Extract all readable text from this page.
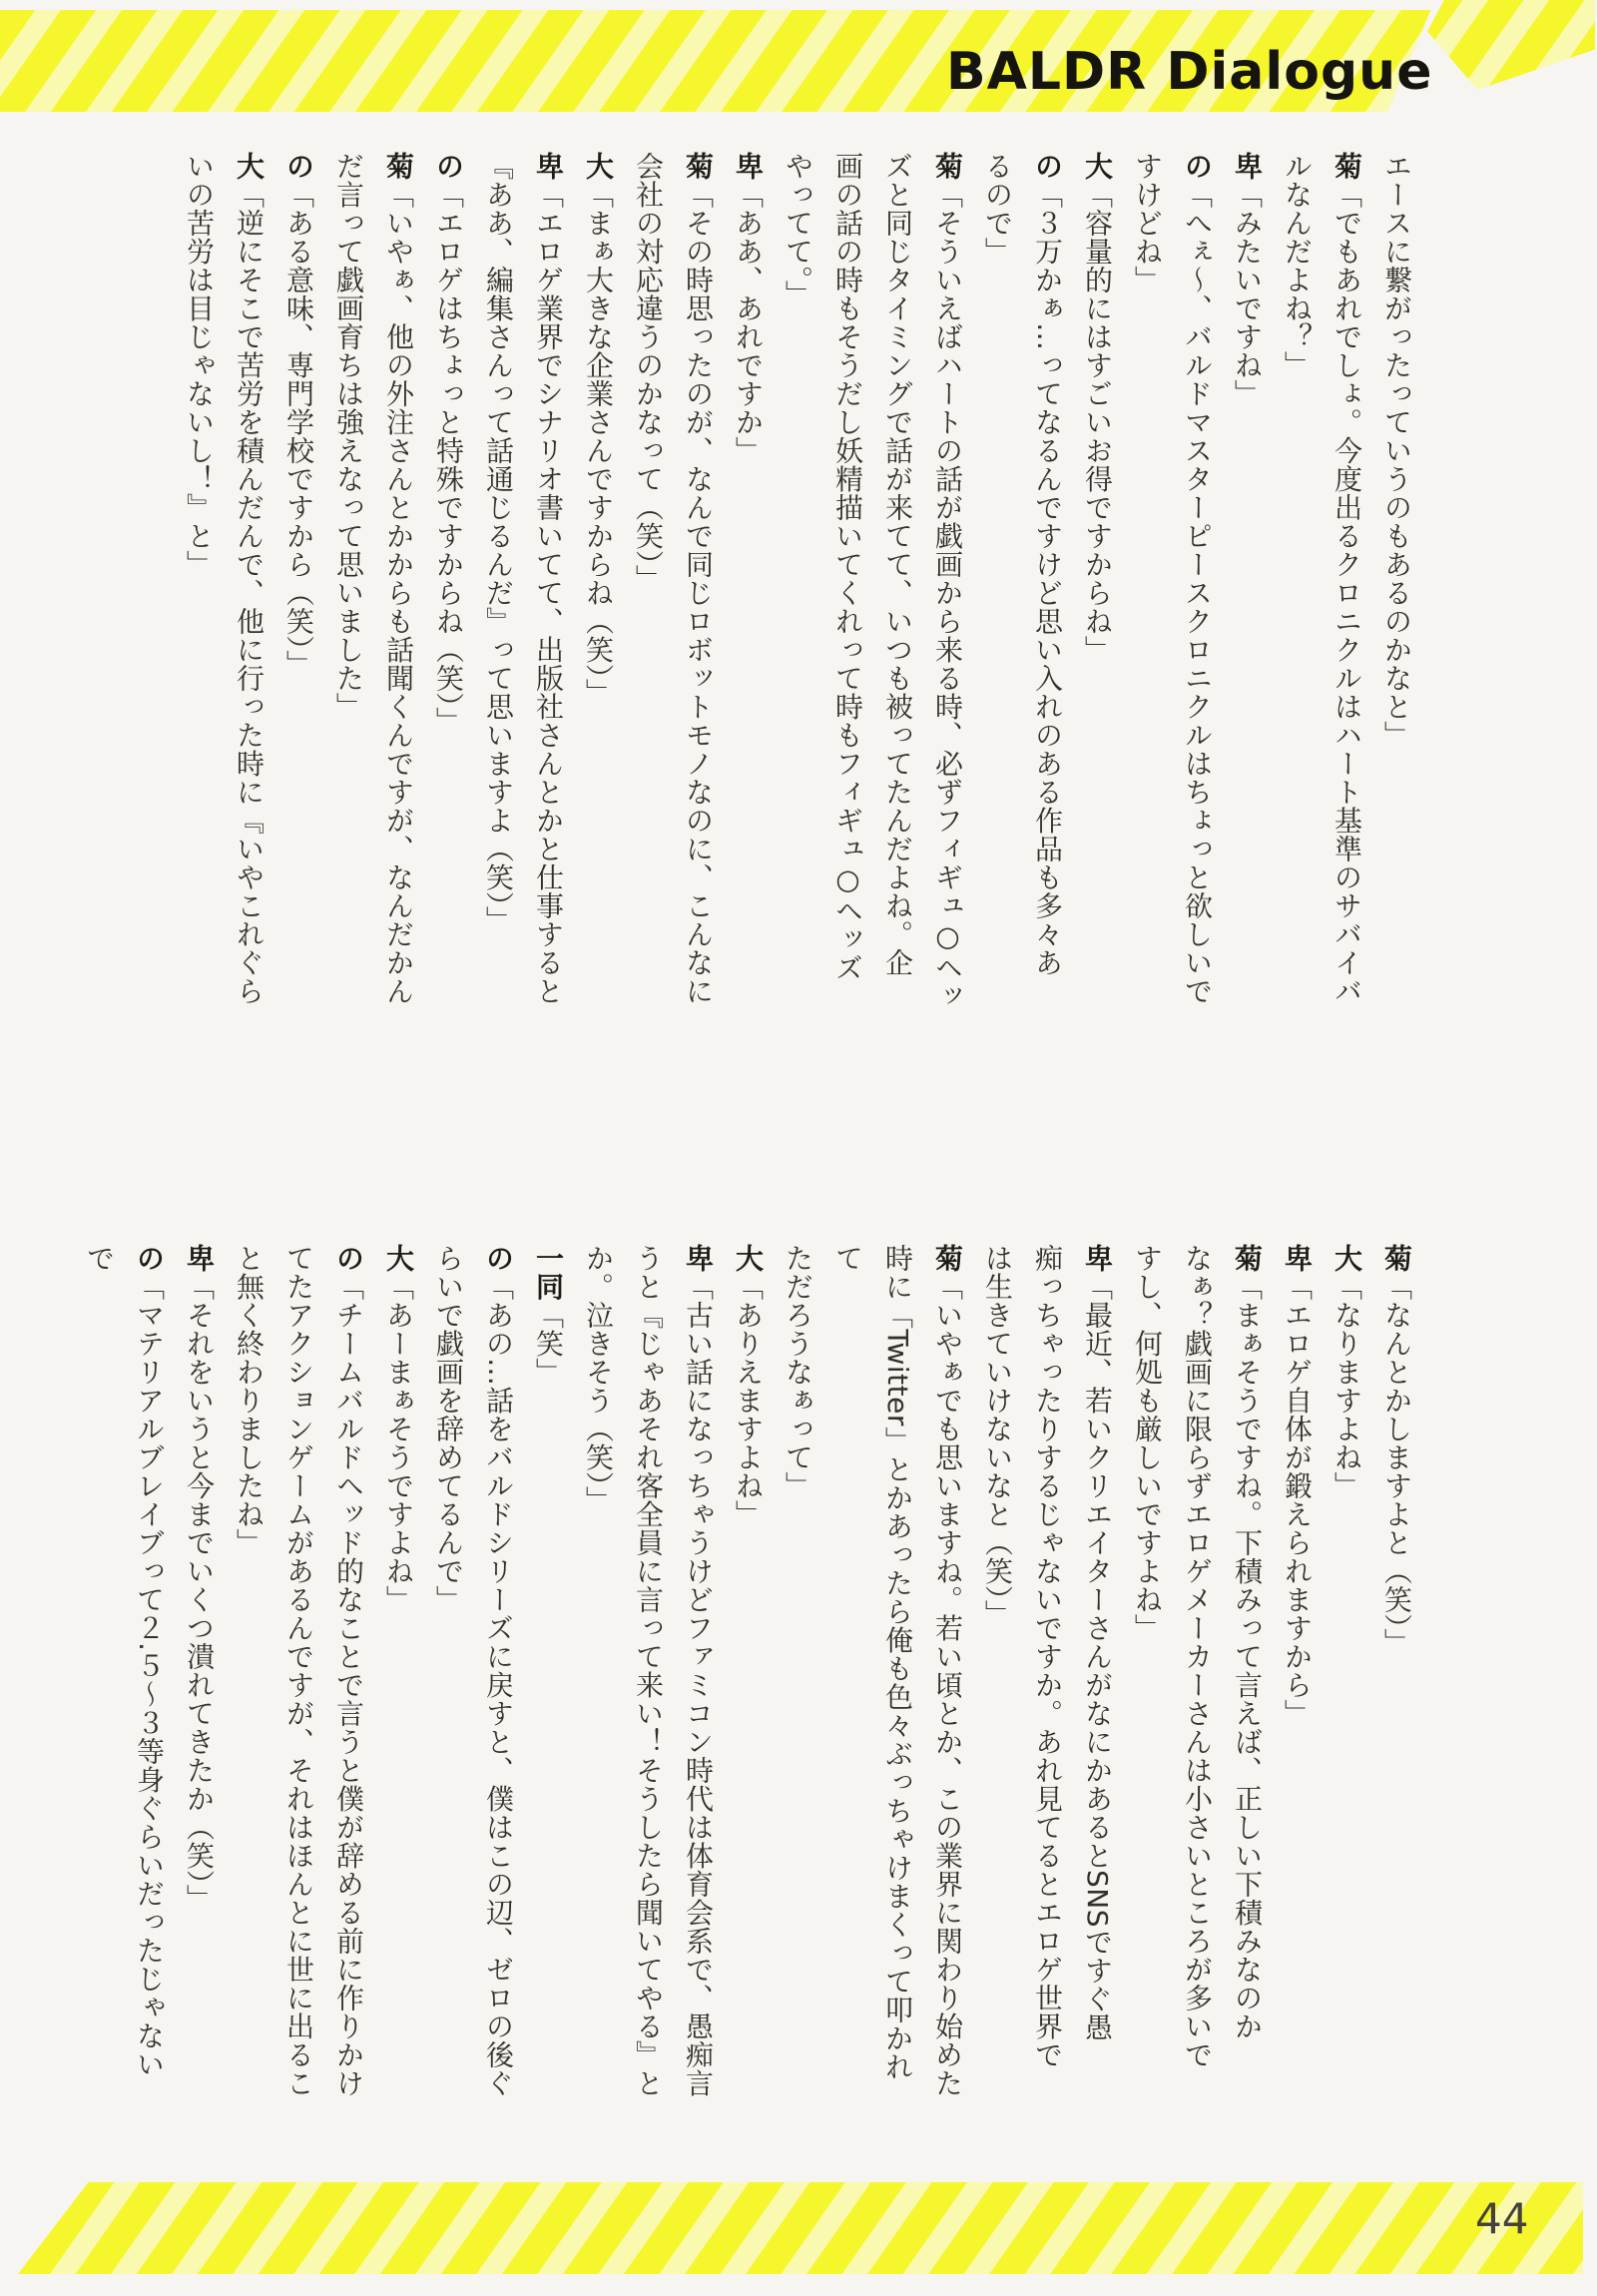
BALDR Dialogue
エースに繋がったっていうのもあるのかなと」
菊「でもあれでしょ。今度出るクロニクルはハート基準のサバイバ
ルなんだよね？」
卑「みたいですね」
の「へぇ～、バルドマスターピースクロニクルはちょっと欲しいで
すけどね」
大「容量的にはすごいお得ですからね」
の「３万かぁ…ってなるんですけど思い入れのある作品も多々あ
るので」
菊「そういえばハートの話が戯画から来る時、必ずフィギュ○ヘッ
ズと同じタイミングで話が来てて、いつも被ってたんだよね。企
画の話の時もそうだし妖精描いてくれって時もフィギュ○ヘッズ
やってて。」
卑「ああ、あれですか」
菊「その時思ったのが、なんで同じロボットモノなのに、こんなに
会社の対応違うのかなって（笑）」
大「まぁ大きな企業さんですからね（笑）」
卑「エロゲ業界でシナリオ書いてて、出版社さんとかと仕事すると
『ああ、編集さんって話通じるんだ』って思いますよ（笑）」
の「エロゲはちょっと特殊ですからね（笑）」
菊「いやぁ、他の外注さんとかからも話聞くんですが、なんだかん
だ言って戯画育ちは強えなって思いました」
の「ある意味、専門学校ですから（笑）」
大「逆にそこで苦労を積んだんで、他に行った時に『いやこれぐら
いの苦労は目じゃないし！』と」
菊「なんとかしますよと（笑）」
大「なりますよね」
卑「エロゲ自体が鍛えられますから」
菊「まぁそうですね。下積みって言えば、正しい下積みなのか
なぁ？戯画に限らずエロゲメーカーさんは小さいところが多いで
すし、何処も厳しいですよね」
卑「最近、若いクリエイターさんがなにかあるとSNSですぐ愚
痴っちゃったりするじゃないですか。あれ見てるとエロゲ世界で
は生きていけないなと（笑）」
菊「いやぁでも思いますね。若い頃とか、この業界に関わり始めた
時に「Twitter」とかあったら俺も色々ぶっちゃけまくって叩かれて
ただろうなぁって」
大「ありえますよね」
卑「古い話になっちゃうけどファミコン時代は体育会系で、愚痴言
うと『じゃあそれ客全員に言って来い！そうしたら聞いてやる』と
か。泣きそう（笑）」
一同「笑」
の「あの…話をバルドシリーズに戻すと、僕はこの辺、ゼロの後ぐ
らいで戯画を辞めてるんで」
大「あーまぁそうですよね」
の「チームバルドヘッド的なことで言うと僕が辞める前に作りかけ
てたアクションゲームがあるんですが、それはほんとに世に出るこ
と無く終わりましたね」
卑「それをいうと今までいくつ潰れてきたか（笑）」
の「マテリアルブレイブって２.５～３等身ぐらいだったじゃないで
44
